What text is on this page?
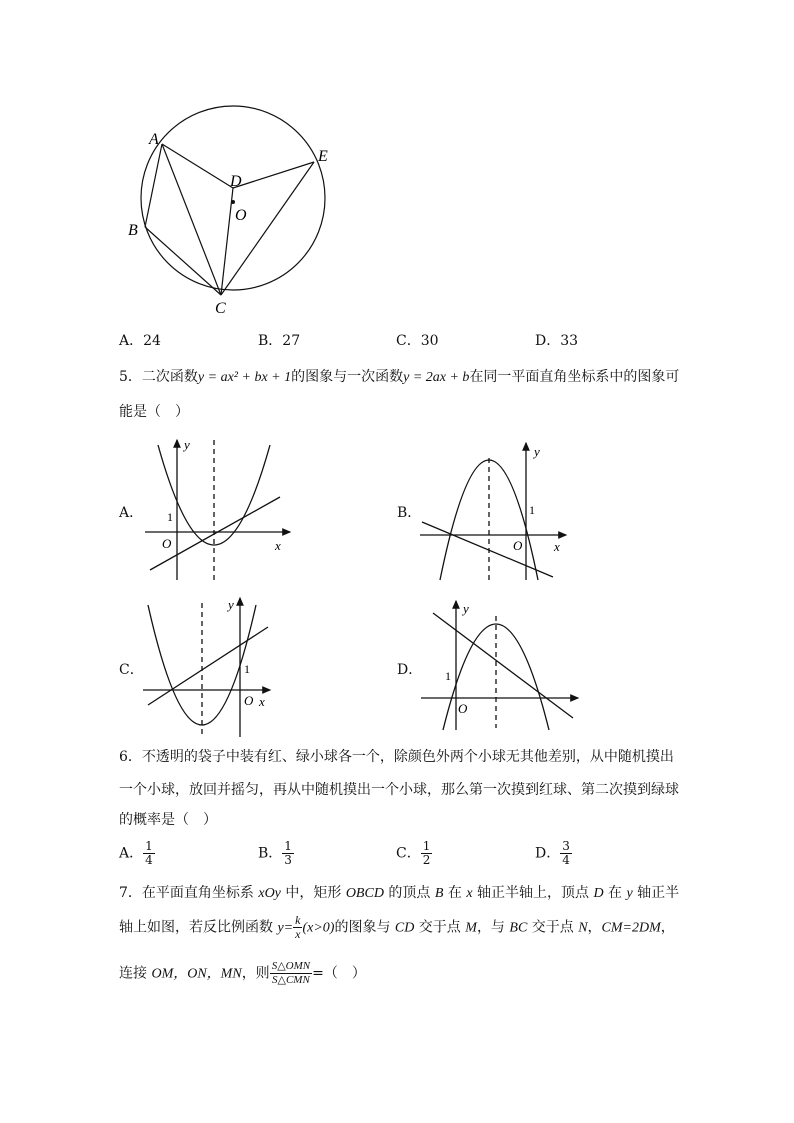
A
B
C
D
E
O
A．24	B．27	C．30	D．33
5．二次函数y = ax² + bx + 1的图象与一次函数y = 2ax + b在同一平面直角坐标系中的图象可
能是（　）
A．
y
x
O
1	B．
y
x
O
1
C．
y
x
O
1	D．
y
O
1
6．不透明的袋子中装有红、绿小球各一个，除颜色外两个小球无其他差别，从中随机摸出
一个小球，放回并摇匀，再从中随机摸出一个小球，那么第一次摸到红球、第二次摸到绿球
的概率是（　）
A． $\frac{1}{4}$	B． $\frac{1}{3}$	C． $\frac{1}{2}$	D． $\frac{3}{4}$
7．在平面直角坐标系 xOy 中，矩形 OBCD 的顶点 B 在 x 轴正半轴上，顶点 D 在 y 轴正半
轴上如图，若反比例函数 $y= \frac{k}{x} (x>0)$的图象与 CD 交于点 M，与 BC 交于点 N，CM=2DM，
连接 OM，ON，MN，则 $\frac{\text{S△OMN}}{\text{S△CMN}}$ =（　）
